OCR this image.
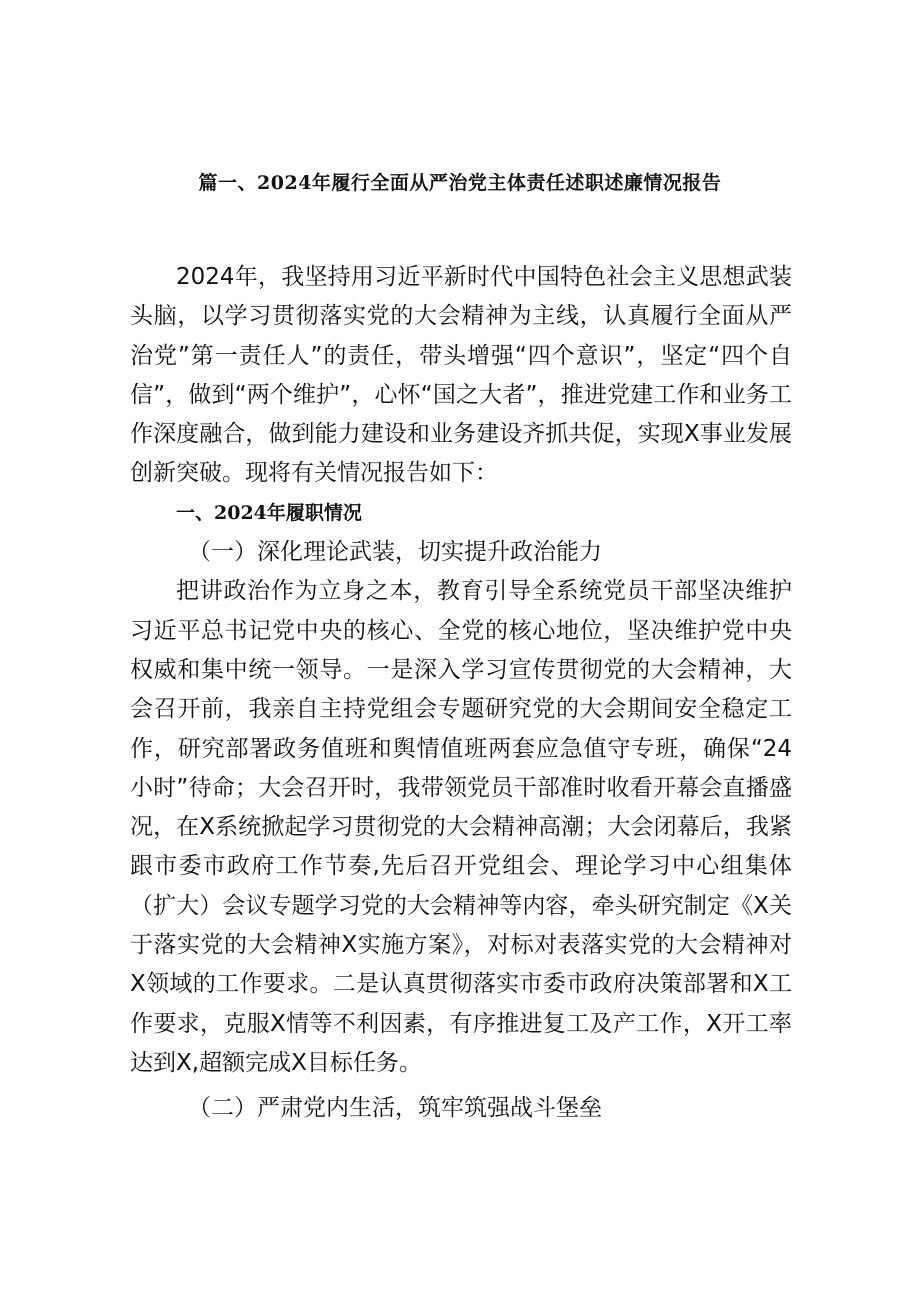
篇一、2024年履行全面从严治党主体责任述职述廉情况报告

2024年，我坚持用习近平新时代中国特色社会主义思想武装头脑，以学习贯彻落实党的大会精神为主线，认真履行全面从严治党”第一责任人”的责任，带头增强“四个意识”，坚定“四个自信”，做到“两个维护”，心怀“国之大者”，推进党建工作和业务工作深度融合，做到能力建设和业务建设齐抓共促，实现X事业发展创新突破。现将有关情况报告如下：

一、2024年履职情况

（一）深化理论武装，切实提升政治能力

把讲政治作为立身之本，教育引导全系统党员干部坚决维护习近平总书记党中央的核心、全党的核心地位，坚决维护党中央权威和集中统一领导。一是深入学习宣传贯彻党的大会精神，大会召开前，我亲自主持党组会专题研究党的大会期间安全稳定工作，研究部署政务值班和舆情值班两套应急值守专班，确保“24小时”待命；大会召开时，我带领党员干部准时收看开幕会直播盛况，在X系统掀起学习贯彻党的大会精神高潮；大会闭幕后，我紧跟市委市政府工作节奏,先后召开党组会、理论学习中心组集体（扩大）会议专题学习党的大会精神等内容，牵头研究制定《X关于落实党的大会精神X实施方案》，对标对表落实党的大会精神对X领域的工作要求。二是认真贯彻落实市委市政府决策部署和X工作要求，克服X情等不利因素，有序推进复工及产工作，X开工率达到X,超额完成X目标任务。

（二）严肃党内生活，筑牢筑强战斗堡垒
